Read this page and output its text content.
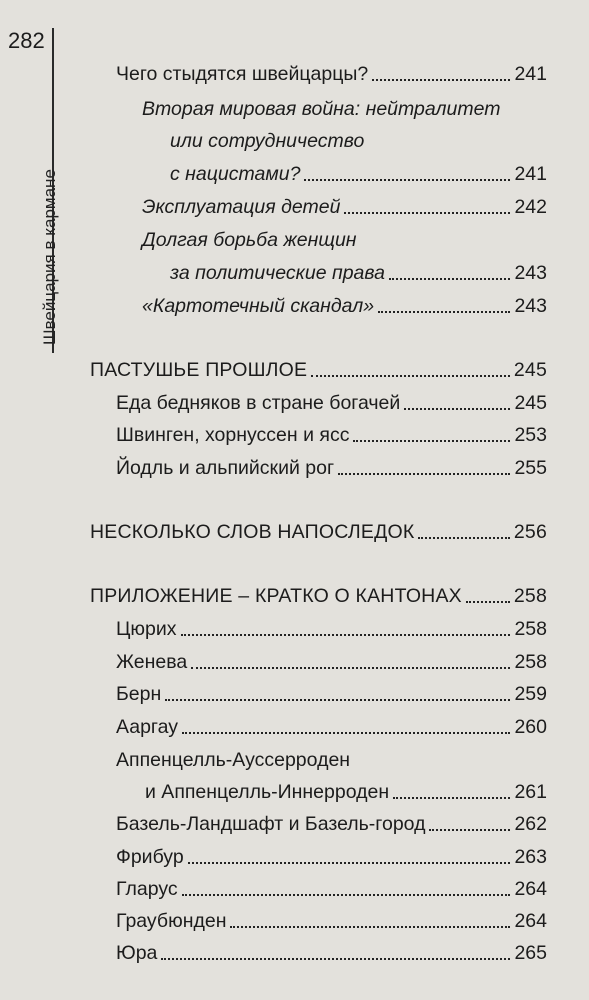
282
Швейцария в кармане
Чего стыдятся швейцарцы?	241
Вторая мировая война: нейтралитет
или сотрудничество
с нацистами?	241
Эксплуатация детей	242
Долгая борьба женщин
за политические права	243
«Картотечный скандал»	243
ПАСТУШЬЕ ПРОШЛОЕ	245
Еда бедняков в стране богачей	245
Швинген, хорнуссен и ясс	253
Йодль и альпийский рог	255
НЕСКОЛЬКО СЛОВ НАПОСЛЕДОК	256
ПРИЛОЖЕНИЕ – КРАТКО О КАНТОНАХ	258
Цюрих	258
Женева	258
Берн	259
Ааргау	260
Аппенцелль-Ауссерроден
и Аппенцелль-Иннерроден	261
Базель-Ландшафт и Базель-город	262
Фрибур	263
Гларус	264
Граубюнден	264
Юра	265
